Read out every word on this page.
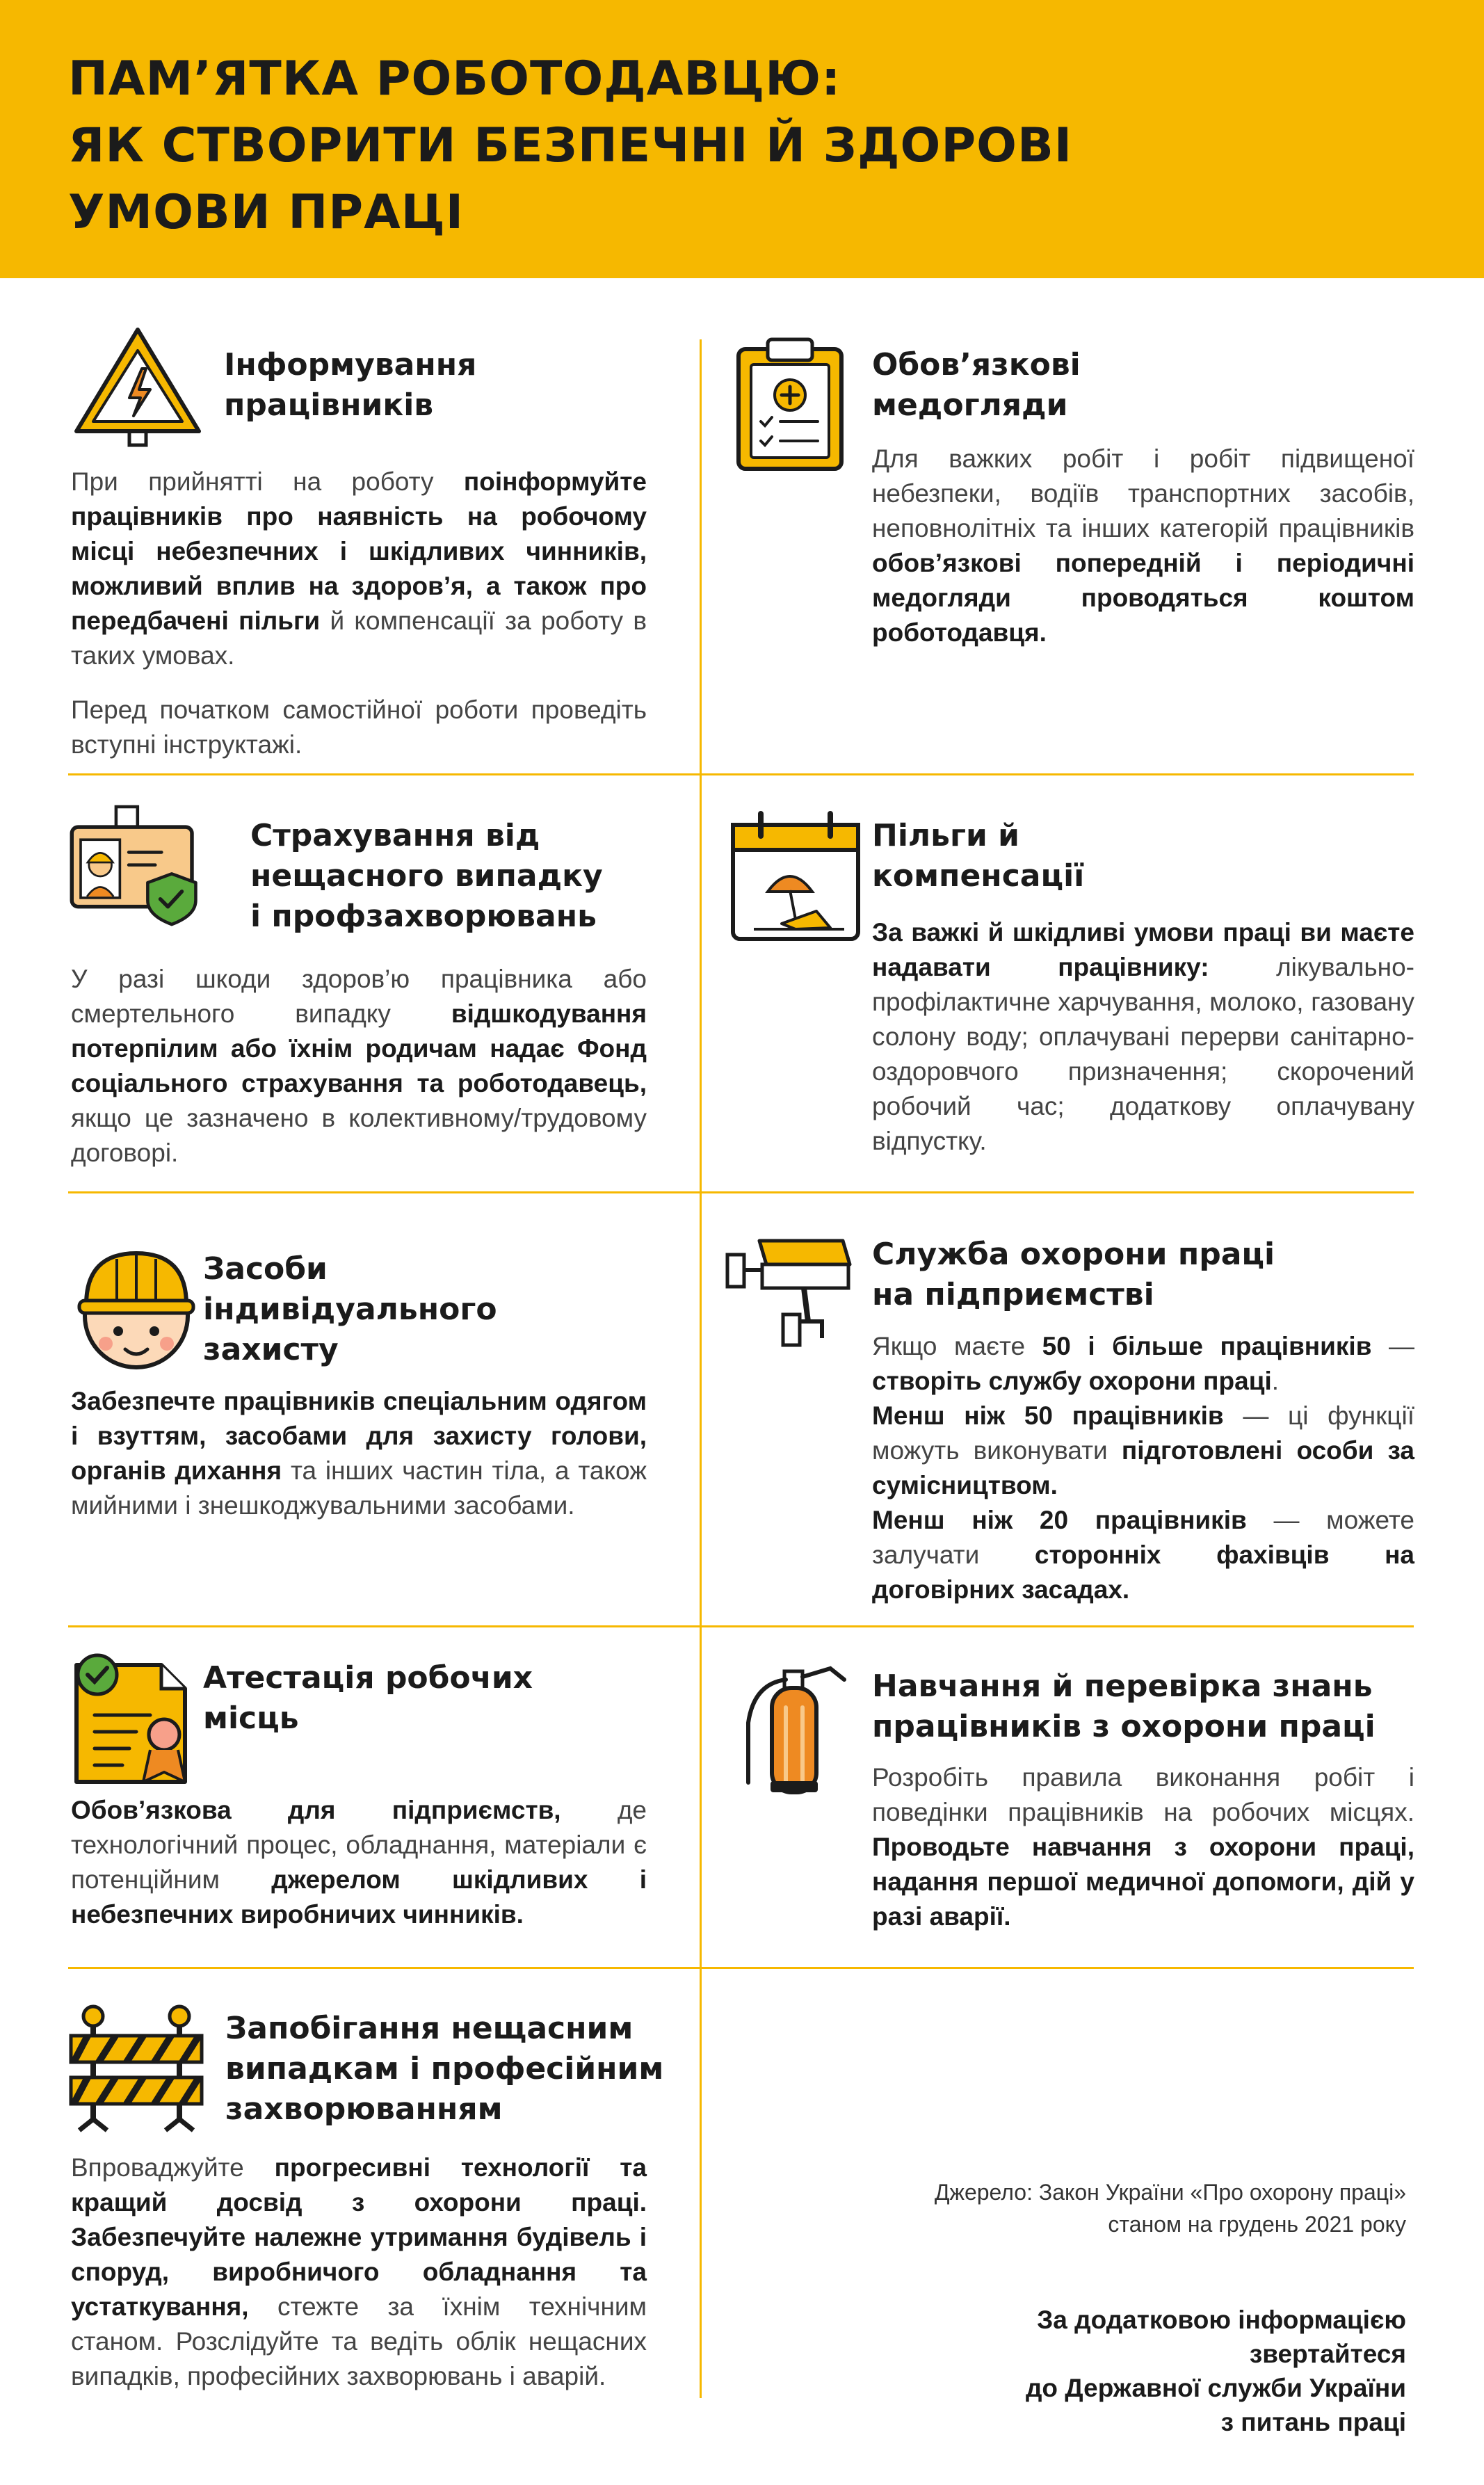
ПАМ’ЯТКА РОБОТОДАВЦЮ:
ЯК СТВОРИТИ БЕЗПЕЧНІ Й ЗДОРОВІ
УМОВИ ПРАЦІ
Інформування
працівників

При прийнятті на роботу поінформуйте працівників про наявність на робочому місці небезпечних і шкідливих чинників, можливий вплив на здоров’я, а також про передбачені пільги й компенсації за роботу в таких умовах.

Перед початком самостійної роботи проведіть вступні інструктажі.

Обов’язкові
медогляди

Для важких робіт і робіт підвищеної небезпеки, водіїв транспортних засобів, неповнолітніх та інших категорій працівників обов’язкові попередній і періодичні медогляди проводяться коштом роботодавця.

Страхування від
нещасного випадку
і профзахворювань

У разі шкоди здоров’ю працівника або смертельного випадку відшкодування потерпілим або їхнім родичам надає Фонд соціального страхування та роботодавець, якщо це зазначено в колективному/трудовому договорі.

Пільги й
компенсації

За важкі й шкідливі умови праці ви маєте надавати працівнику: лікувально-профілактичне харчування, молоко, газовану солону воду; оплачувані перерви санітарно-оздоровчого призначення; скорочений робочий час; додаткову оплачувану відпустку.

Засоби
індивідуального
захисту

Забезпечте працівників спеціальним одягом і взуттям, засобами для захисту голови, органів дихання та інших частин тіла, а також мийними і знешкоджувальними засобами.

Служба охорони праці
на підприємстві

Якщо маєте 50 і більше працівників — створіть службу охорони праці.

Менш ніж 50 працівників — ці функції можуть виконувати підготовлені особи за сумісництвом.

Менш ніж 20 працівників — можете залучати сторонніх фахівців на договірних засадах.

Атестація робочих
місць

Обов’язкова для підприємств, де технологічний процес, обладнання, матеріали є потенційним джерелом шкідливих і небезпечних виробничих чинників.

Навчання й перевірка знань
працівників з охорони праці

Розробіть правила виконання робіт і поведінки працівників на робочих місцях. Проводьте навчання з охорони праці, надання першої медичної допомоги, дій у разі аварії.

Запобігання нещасним
випадкам і професійним
захворюванням

Впроваджуйте прогресивні технології та кращий досвід з охорони праці. Забезпечуйте належне утримання будівель і споруд, виробничого обладнання та устаткування, стежте за їхнім технічним станом. Розслідуйте та ведіть облік нещасних випадків, професійних захворювань і аварій.

Джерело: Закон України «Про охорону праці»
станом на грудень 2021 року
За додатковою інформацією
звертайтеся
до Державної служби України
з питань праці
